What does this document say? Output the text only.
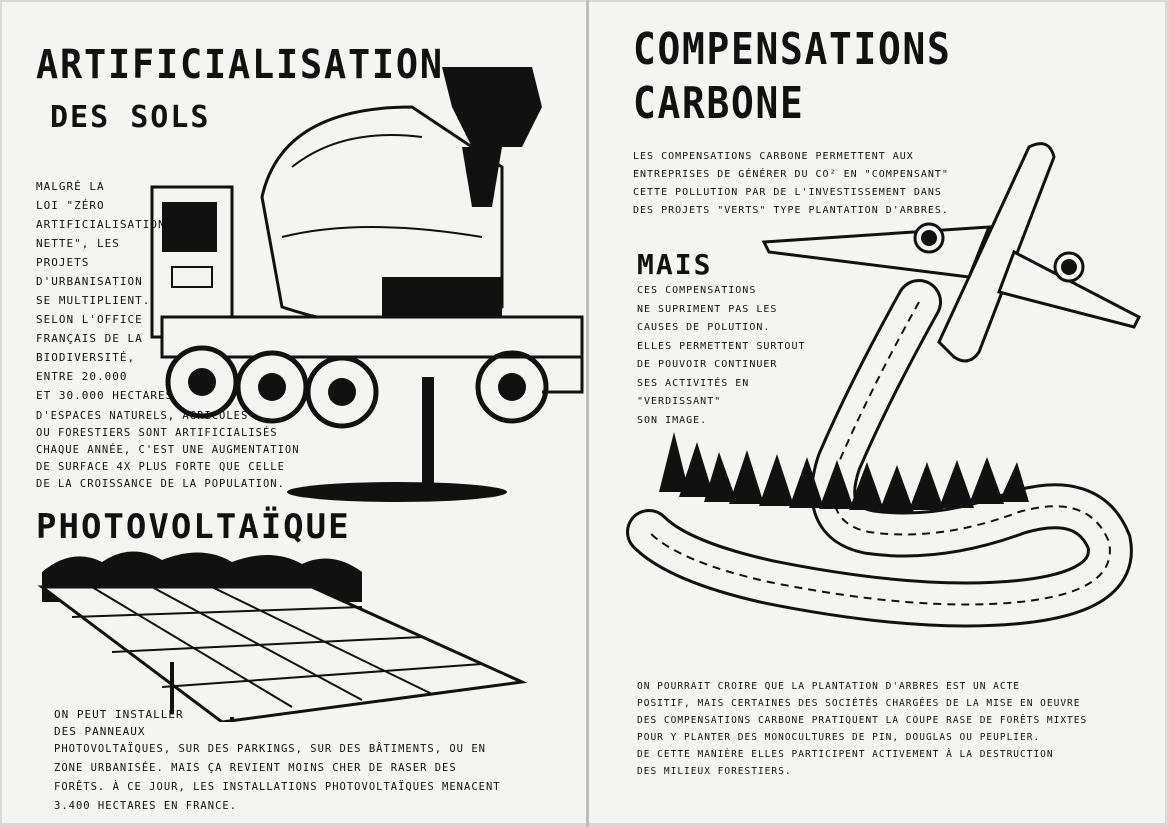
ARTIFICIALISATION
DES SOLS

MALGRÉ LA
LOI "ZÉRO
ARTIFICIALISATION
NETTE", LES
PROJETS
D'URBANISATION
SE MULTIPLIENT.
SELON L'OFFICE
FRANÇAIS DE LA
BIODIVERSITÉ,
ENTRE 20.000
ET 30.000 HECTARES

D'ESPACES NATURELS, AGRICOLES
OU FORESTIERS SONT ARTIFICIALISÉS
CHAQUE ANNÉE, C'EST UNE AUGMENTATION
DE SURFACE 4X PLUS FORTE QUE CELLE
DE LA CROISSANCE DE LA POPULATION.

PHOTOVOLTAÏQUE

ON PEUT INSTALLER
DES PANNEAUX

PHOTOVOLTAÏQUES, SUR DES PARKINGS, SUR DES BÂTIMENTS, OU EN
ZONE URBANISÉE. MAIS ÇA REVIENT MOINS CHER DE RASER DES
FORÊTS. À CE JOUR, LES INSTALLATIONS PHOTOVOLTAÏQUES MENACENT
3.400 HECTARES EN FRANCE.

COMPENSATIONS
CARBONE

LES COMPENSATIONS CARBONE PERMETTENT AUX
ENTREPRISES DE GÉNÉRER DU CO² EN "COMPENSANT"
CETTE POLLUTION PAR DE L'INVESTISSEMENT DANS
DES PROJETS "VERTS" TYPE PLANTATION D'ARBRES.

MAIS

CES COMPENSATIONS
NE SUPRIMENT PAS LES
CAUSES DE POLUTION.
ELLES PERMETTENT SURTOUT
DE POUVOIR CONTINUER
SES ACTIVITÉS EN
"VERDISSANT"
SON IMAGE.

ON POURRAIT CROIRE QUE LA PLANTATION D'ARBRES EST UN ACTE
POSITIF, MAIS CERTAINES DES SOCIÉTÉS CHARGÉES DE LA MISE EN OEUVRE
DES COMPENSATIONS CARBONE PRATIQUENT LA COUPE RASE DE FORÊTS MIXTES
POUR Y PLANTER DES MONOCULTURES DE PIN, DOUGLAS OU PEUPLIER.
DE CETTE MANIÈRE ELLES PARTICIPENT ACTIVEMENT À LA DESTRUCTION
DES MILIEUX FORESTIERS.
